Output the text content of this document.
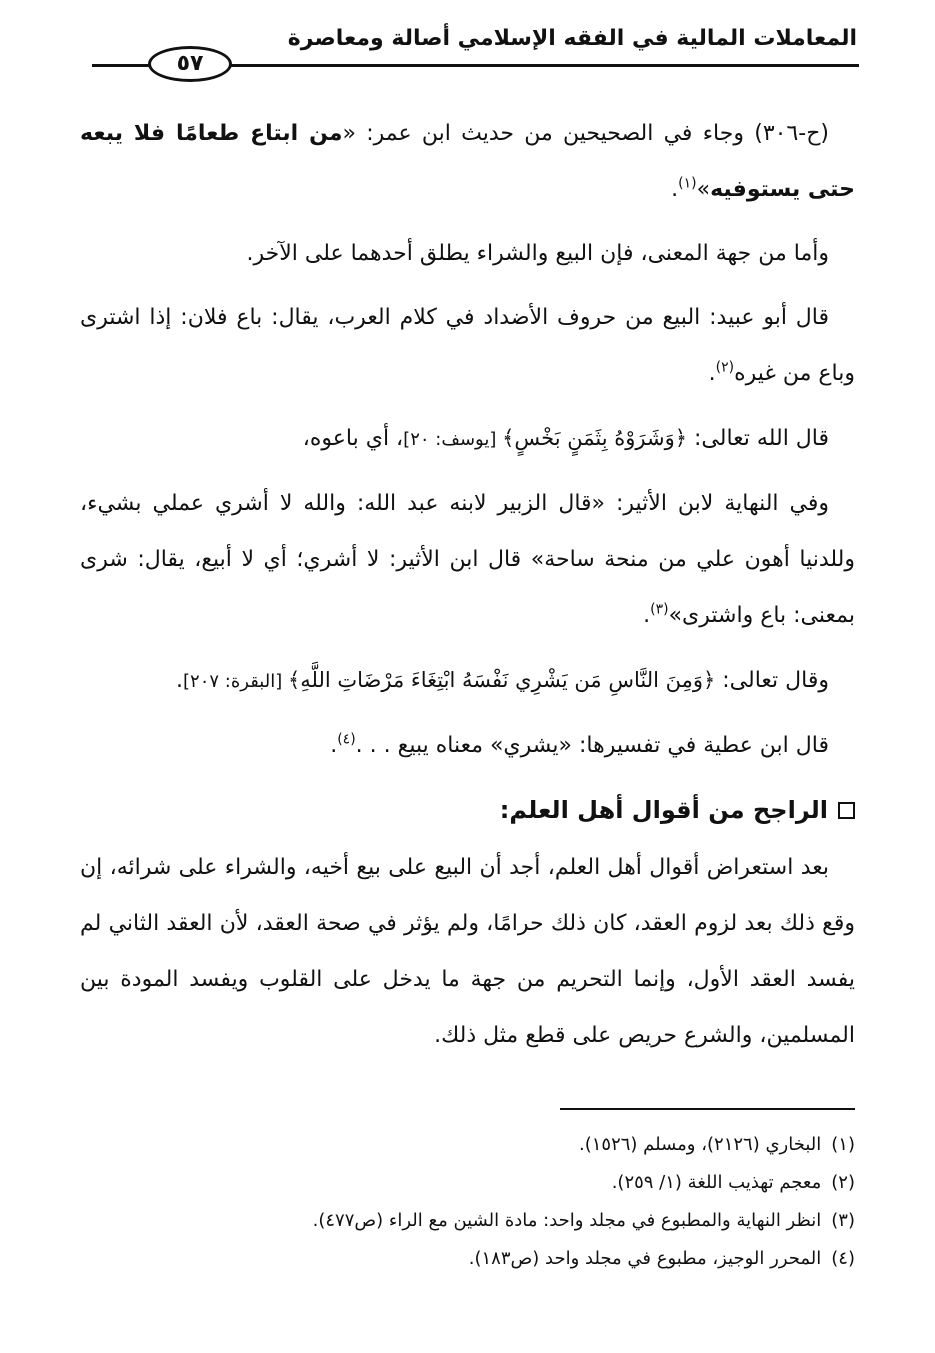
المعاملات المالية في الفقه الإسلامي أصالة ومعاصرة
٥٧

(ح-٣٠٦) وجاء في الصحيحين من حديث ابن عمر: «من ابتاع طعامًا فلا يبعه حتى يستوفيه»$^{(١)}$.

وأما من جهة المعنى، فإن البيع والشراء يطلق أحدهما على الآخر.

قال أبو عبيد: البيع من حروف الأضداد في كلام العرب، يقال: باع فلان: إذا اشترى وباع من غيره$^{(٢)}$.

قال الله تعالى: ﴿وَشَرَوْهُ بِثَمَنٍ بَخْسٍ﴾ [يوسف: ٢٠]، أي باعوه،

وفي النهاية لابن الأثير: «قال الزبير لابنه عبد الله: والله لا أشري عملي بشيء، وللدنيا أهون علي من منحة ساحة» قال ابن الأثير: لا أشري؛ أي لا أبيع، يقال: شرى بمعنى: باع واشترى»$^{(٣)}$.

وقال تعالى: ﴿وَمِنَ النَّاسِ مَن يَشْرِي نَفْسَهُ ابْتِغَاءَ مَرْضَاتِ اللَّهِ﴾ [البقرة: ٢٠٧].

قال ابن عطية في تفسيرها: «يشري» معناه يبيع . . .$^{(٤)}$.

الراجح من أقوال أهل العلم:

بعد استعراض أقوال أهل العلم، أجد أن البيع على بيع أخيه، والشراء على شرائه، إن وقع ذلك بعد لزوم العقد، كان ذلك حرامًا، ولم يؤثر في صحة العقد، لأن العقد الثاني لم يفسد العقد الأول، وإنما التحريم من جهة ما يدخل على القلوب ويفسد المودة بين المسلمين، والشرع حريص على قطع مثل ذلك.

(١)البخاري (٢١٢٦)، ومسلم (١٥٢٦).

(٢)معجم تهذيب اللغة (١/ ٢٥٩).

(٣)انظر النهاية والمطبوع في مجلد واحد: مادة الشين مع الراء (ص٤٧٧).

(٤)المحرر الوجيز، مطبوع في مجلد واحد (ص١٨٣).
